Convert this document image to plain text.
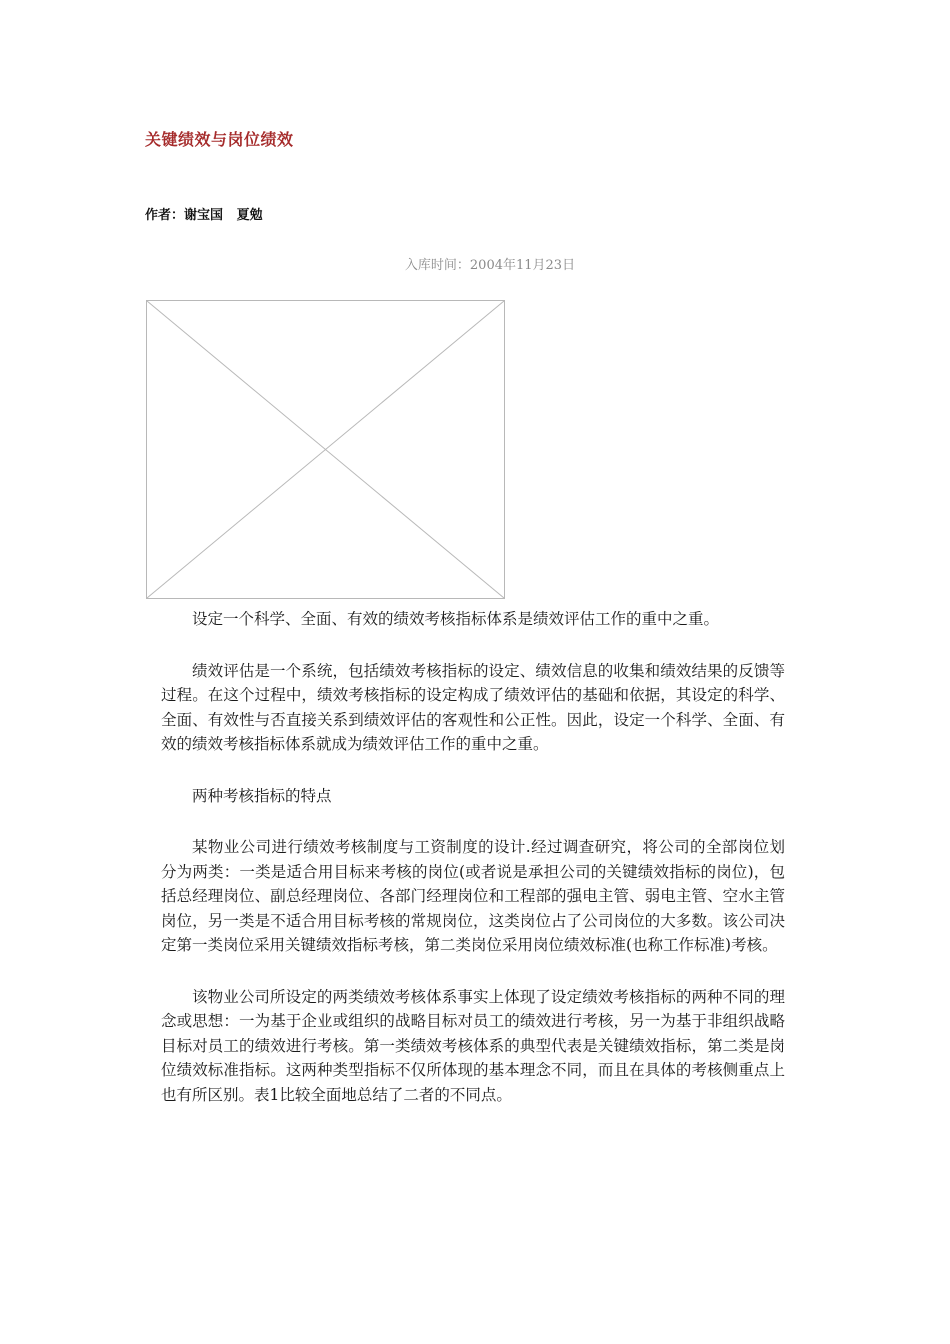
关键绩效与岗位绩效
作者：谢宝国   夏勉
入库时间：2004年11月23日

设定一个科学、全面、有效的绩效考核指标体系是绩效评估工作的重中之重。

绩效评估是一个系统，包括绩效考核指标的设定、绩效信息的收集和绩效结果的反馈等过程。在这个过程中，绩效考核指标的设定构成了绩效评估的基础和依据，其设定的科学、全面、有效性与否直接关系到绩效评估的客观性和公正性。因此，设定一个科学、全面、有效的绩效考核指标体系就成为绩效评估工作的重中之重。

两种考核指标的特点

某物业公司进行绩效考核制度与工资制度的设计.经过调查研究，将公司的全部岗位划分为两类：一类是适合用目标来考核的岗位(或者说是承担公司的关键绩效指标的岗位)，包括总经理岗位、副总经理岗位、各部门经理岗位和工程部的强电主管、弱电主管、空水主管岗位，另一类是不适合用目标考核的常规岗位，这类岗位占了公司岗位的大多数。该公司决定第一类岗位采用关键绩效指标考核，第二类岗位采用岗位绩效标准(也称工作标准)考核。

该物业公司所设定的两类绩效考核体系事实上体现了设定绩效考核指标的两种不同的理念或思想：一为基于企业或组织的战略目标对员工的绩效进行考核，另一为基于非组织战略目标对员工的绩效进行考核。第一类绩效考核体系的典型代表是关键绩效指标，第二类是岗位绩效标准指标。这两种类型指标不仅所体现的基本理念不同，而且在具体的考核侧重点上也有所区别。表1比较全面地总结了二者的不同点。
